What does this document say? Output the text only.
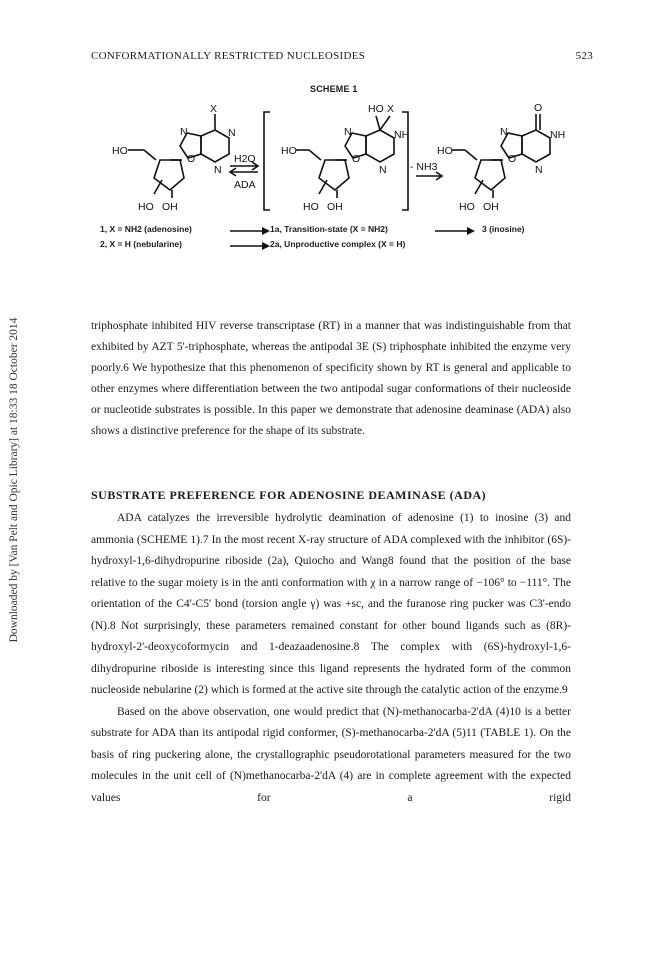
CONFORMATIONALLY RESTRICTED NUCLEOSIDES	523
Downloaded by [Van Pelt and Opic Library] at 18:33 18 October 2014
SCHEME 1
X
HO
HO OH
O
N	N
N
H2O
ADA
HO X
NH
HO
HO OH
O
N
N - NH3
O
NH
HO
HO OH
O
N
N
1, X = NH2 (adenosine)	1a, Transition-state (X = NH2)	3 (inosine)
2, X = H (nebularine)	2a, Unproductive complex (X = H)

triphosphate inhibited HIV reverse transcriptase (RT) in a manner that was indistinguishable from that exhibited by AZT 5'-triphosphate, whereas the antipodal 3E (S) triphosphate inhibited the enzyme very poorly.6 We hypothesize that this phenomenon of specificity shown by RT is general and applicable to other enzymes where differentiation between the two antipodal sugar conformations of their nucleoside or nucleotide substrates is possible. In this paper we demonstrate that adenosine deaminase (ADA) also shows a distinctive preference for the shape of its substrate.

SUBSTRATE PREFERENCE FOR ADENOSINE DEAMINASE (ADA)

ADA catalyzes the irreversible hydrolytic deamination of adenosine (1) to inosine (3) and ammonia (SCHEME 1).7 In the most recent X-ray structure of ADA complexed with the inhibitor (6S)-hydroxyl-1,6-dihydropurine riboside (2a), Quiocho and Wang8 found that the position of the base relative to the sugar moiety is in the anti conformation with χ in a narrow range of −106° to −111°. The orientation of the C4'-C5' bond (torsion angle γ) was +sc, and the furanose ring pucker was C3'-endo (N).8 Not surprisingly, these parameters remained constant for other bound ligands such as (8R)-hydroxyl-2'-deoxycoformycin and 1-deazaadenosine.8 The complex with (6S)-hydroxyl-1,6-dihydropurine riboside is interesting since this ligand represents the hydrated form of the common nucleoside nebularine (2) which is formed at the active site through the catalytic action of the enzyme.9

Based on the above observation, one would predict that (N)-methanocarba-2'dA (4)10 is a better substrate for ADA than its antipodal rigid conformer, (S)-methanocarba-2'dA (5)11 (TABLE 1). On the basis of ring puckering alone, the crystallographic pseudorotational parameters measured for the two molecules in the unit cell of (N)methanocarba-2'dA (4) are in complete agreement with the expected values for a rigid
